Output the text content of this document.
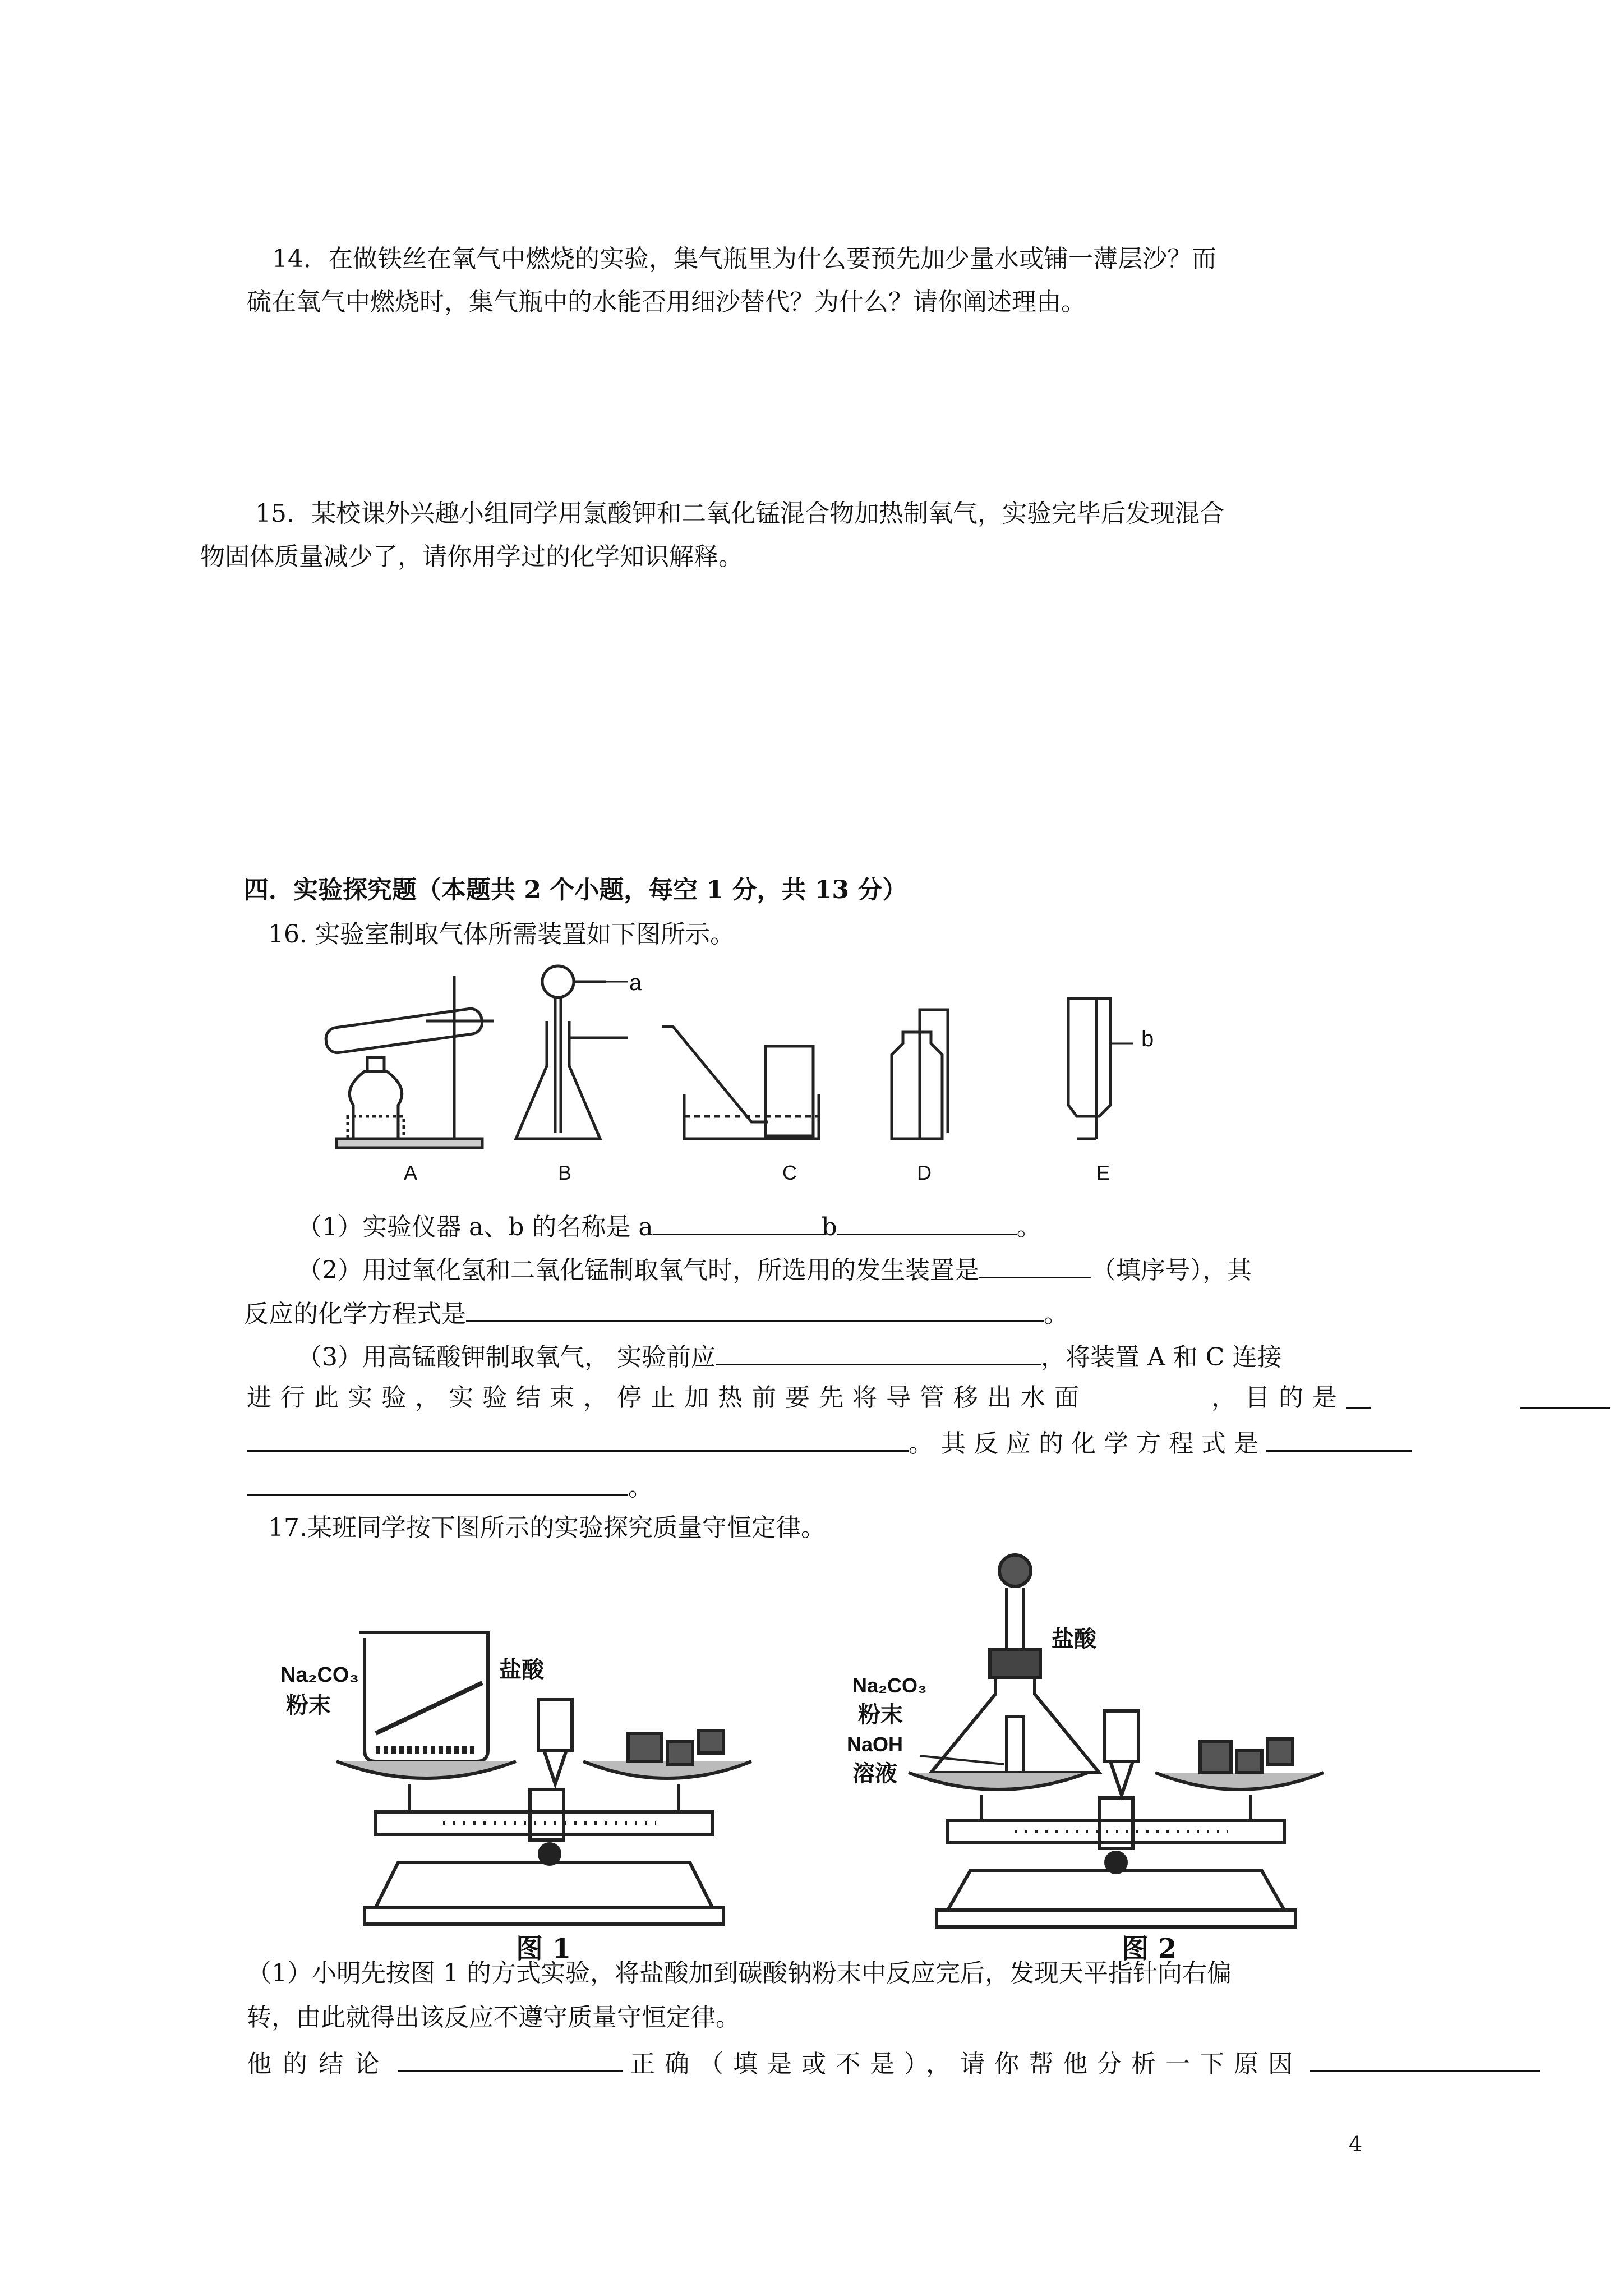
14．在做铁丝在氧气中燃烧的实验，集气瓶里为什么要预先加少量水或铺一薄层沙？而
硫在氧气中燃烧时，集气瓶中的水能否用细沙替代？为什么？请你阐述理由。
15．某校课外兴趣小组同学用氯酸钾和二氧化锰混合物加热制氧气，实验完毕后发现混合
物固体质量减少了，请你用学过的化学知识解释。
四．实验探究题（本题共 2 个小题，每空 1 分，共 13 分）
16. 实验室制取气体所需装置如下图所示。
a
b
A	B	C	D	E
（1）实验仪器 a、b 的名称是 a	b	。
（2）用过氧化氢和二氧化锰制取氧气时，所选用的发生装置是	（填序号），其
反应的化学方程式是	。
（3）用高锰酸钾制取氧气， 实验前应	，将装置 A 和 C 连接
进行此实验，实验结束，停止加热前要先将导管移出水面	，目的是
。其反应的化学方程式是
。
17.某班同学按下图所示的实验探究质量守恒定律。
Na₂CO₃
粉末
盐酸
图 1
盐酸
Na₂CO₃
粉末
NaOH
溶液
图 2
（1）小明先按图 1 的方式实验，将盐酸加到碳酸钠粉末中反应完后，发现天平指针向右偏
转，由此就得出该反应不遵守质量守恒定律。
他的结论	正确（填是或不是），请你帮他分析一下原因
4
